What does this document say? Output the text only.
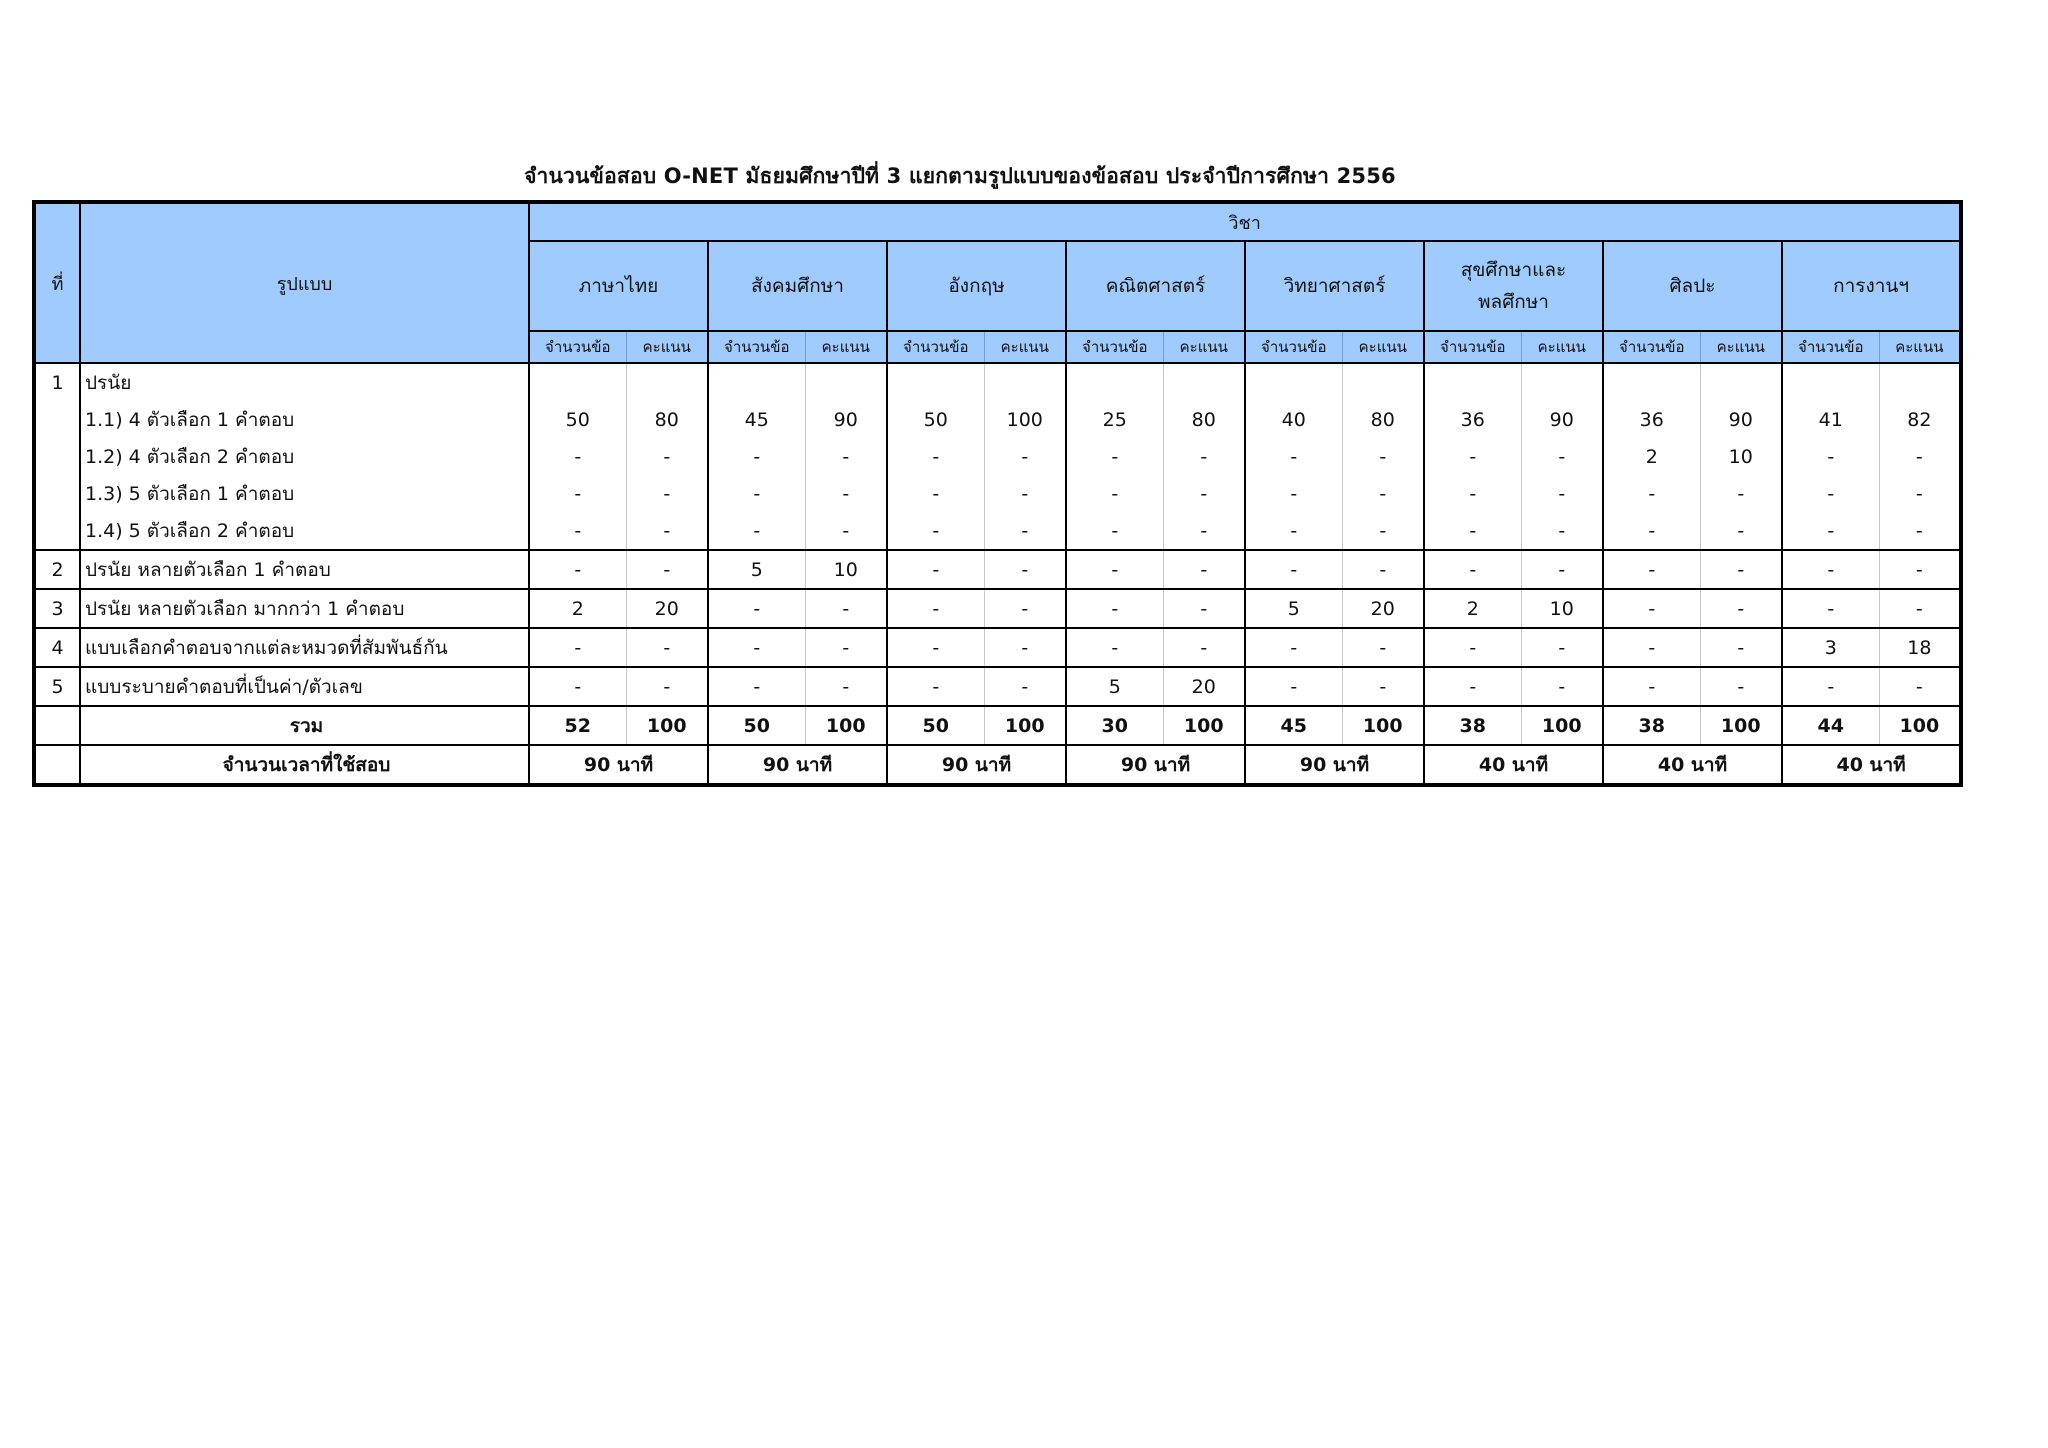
จำนวนข้อสอบ O-NET มัธยมศึกษาปีที่ 3 แยกตามรูปแบบของข้อสอบ ประจำปีการศึกษา 2556
ที่	รูปแบบ	วิชา															
		ภาษาไทย		สังคมศึกษา		อังกฤษ		คณิตศาสตร์		วิทยาศาสตร์		สุขศึกษาและ พลศึกษา		ศิลปะ		การงานฯ	
		จำนวนข้อ	คะแนน	จำนวนข้อ	คะแนน	จำนวนข้อ	คะแนน	จำนวนข้อ	คะแนน	จำนวนข้อ	คะแนน	จำนวนข้อ	คะแนน	จำนวนข้อ	คะแนน	จำนวนข้อ	คะแนน
1	ปรนัย																
	1.1) 4 ตัวเลือก 1 คำตอบ	50	80	45	90	50	100	25	80	40	80	36	90	36	90	41	82
	1.2) 4 ตัวเลือก 2 คำตอบ	-	-	-	-	-	-	-	-	-	-	-	-	2	10	-	-
	1.3) 5 ตัวเลือก 1 คำตอบ	-	-	-	-	-	-	-	-	-	-	-	-	-	-	-	-
	1.4) 5 ตัวเลือก 2 คำตอบ	-	-	-	-	-	-	-	-	-	-	-	-	-	-	-	-
2	ปรนัย หลายตัวเลือก 1 คำตอบ	-	-	5	10	-	-	-	-	-	-	-	-	-	-	-	-
3	ปรนัย หลายตัวเลือก มากกว่า 1 คำตอบ	2	20	-	-	-	-	-	-	5	20	2	10	-	-	-	-
4	แบบเลือกคำตอบจากแต่ละหมวดที่สัมพันธ์กัน	-	-	-	-	-	-	-	-	-	-	-	-	-	-	3	18
5	แบบระบายคำตอบที่เป็นค่า/ตัวเลข	-	-	-	-	-	-	5	20	-	-	-	-	-	-	-	-
	รวม	52	100	50	100	50	100	30	100	45	100	38	100	38	100	44	100
	จำนวนเวลาที่ใช้สอบ	90 นาที		90 นาที		90 นาที		90 นาที		90 นาที		40 นาที		40 นาที		40 นาที	
